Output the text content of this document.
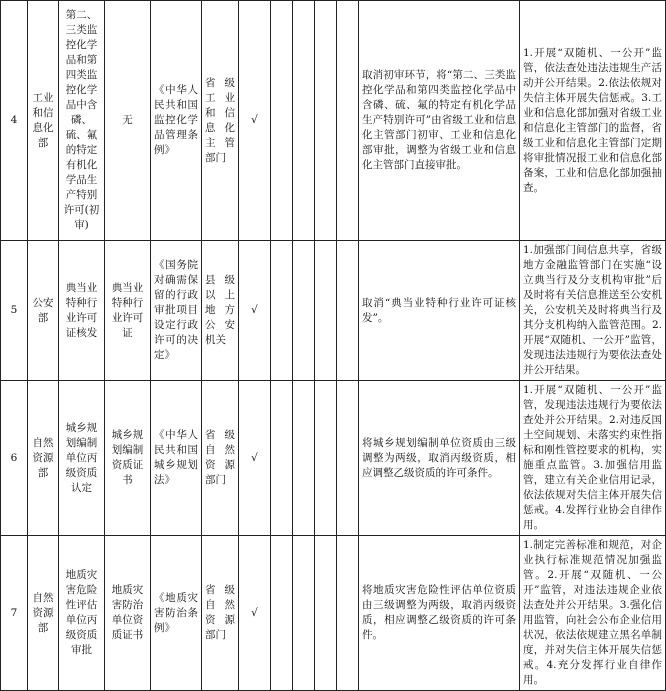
4	工业和信息化部	第二、三类监控化学品和第四类监控化学品中含磷、硫、氟的特定有机化学品生产特别许可(初审)	无	《中华人民共和国监控化学品管理条例》	省级工业和信息化主管部门	√					取消初审环节，将“第二、三类监控化学品和第四类监控化学品中含磷、硫、氟的特定有机化学品生产特别许可”由省级工业和信息化主管部门初审、工业和信息化部审批，调整为省级工业和信息化主管部门直接审批。	1.开展“双随机、一公开”监管，依法查处违法违规生产活动并公开结果。2.依法依规对失信主体开展失信惩戒。3.工业和信息化部加强对省级工业和信息化主管部门的监督，省级工业和信息化主管部门定期将审批情况报工业和信息化部备案，工业和信息化部加强抽查。
5	公安部	典当业特种行业许可证核发	典当业特种行业许可证	《国务院对确需保留的行政审批项目设定行政许可的决定》	县级以上地方公安机关	√					取消“典当业特种行业许可证核发”。	1.加强部门间信息共享，省级地方金融监管部门在实施“设立典当行及分支机构审批”后及时将有关信息推送至公安机关，公安机关及时将典当行及其分支机构纳入监管范围。2.开展“双随机、一公开”监管，发现违法违规行为要依法查处并公开结果。
6	自然资源部	城乡规划编制单位丙级资质认定	城乡规划编制资质证书	《中华人民共和国城乡规划法》	省级自然资源部门	√					将城乡规划编制单位资质由三级调整为两级，取消丙级资质，相应调整乙级资质的许可条件。	1.开展“双随机、一公开”监管，发现违法违规行为要依法查处并公开结果。2.对违反国土空间规划、未落实约束性指标和刚性管控要求的机构，实施重点监管。3.加强信用监管，建立有关企业信用记录，依法依规对失信主体开展失信惩戒。4.发挥行业协会自律作用。
7	自然资源部	地质灾害危险性评估单位丙级资质审批	地质灾害防治单位资质证书	《地质灾害防治条例》	省级自然资源部门	√					将地质灾害危险性评估单位资质由三级调整为两级，取消丙级资质，相应调整乙级资质的许可条件。	1.制定完善标准和规范，对企业执行标准规范情况加强监管。2.开展“双随机、一公开”监管，对违法违规企业依法查处并公开结果。3.强化信用监管，向社会公布企业信用状况，依法依规建立黑名单制度，并对失信主体开展失信惩戒。4.充分发挥行业自律作用。
